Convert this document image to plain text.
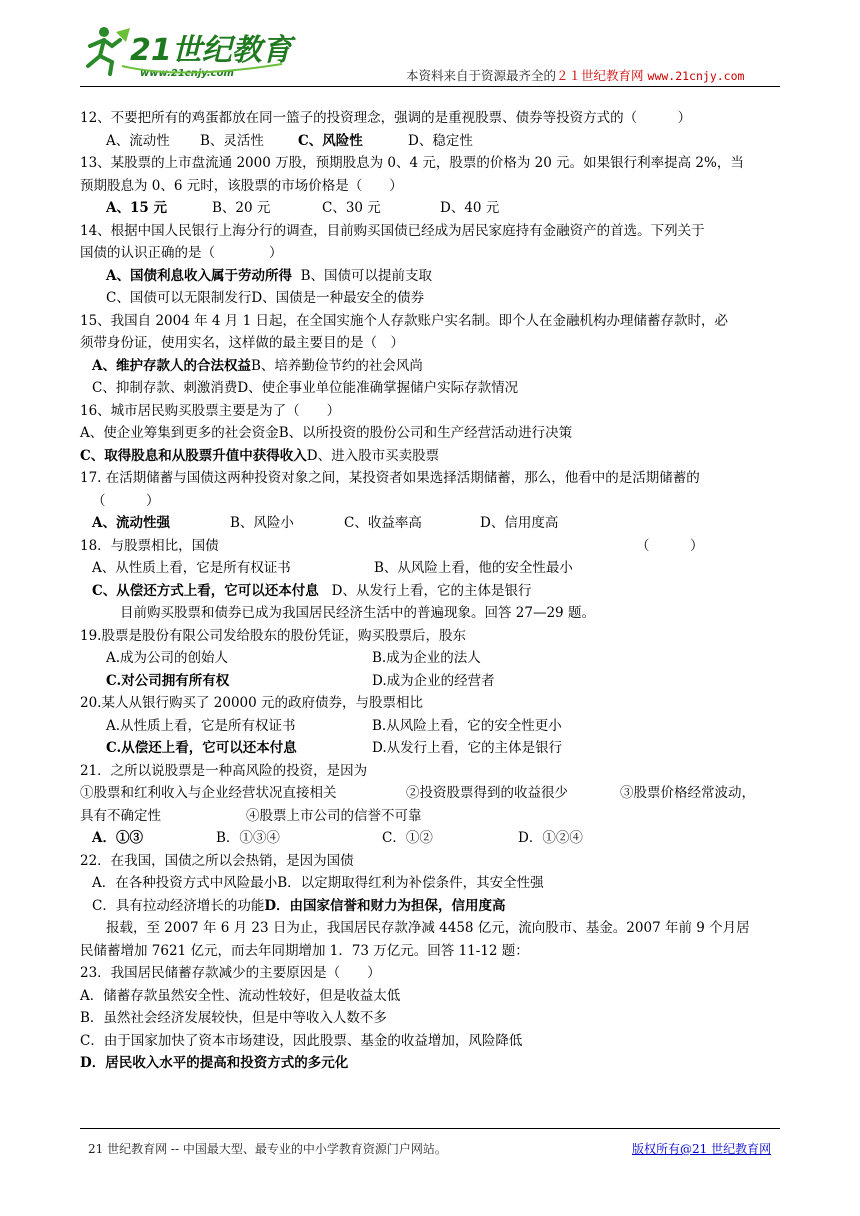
21世纪教育
www.21cnjy.com	本资料来自于资源最齐全的２１世纪教育网 www.21cnjy.com
12、不要把所有的鸡蛋都放在同一篮子的投资理念，强调的是重视股票、债券等投资方式的（　　　）
A、流动性 B、灵活性	C、风险性	D、稳定性
13、某股票的上市盘流通 2000 万股，预期股息为 0、4 元，股票的价格为 20 元。如果银行利率提高 2%，当
预期股息为 0、6 元时，该股票的市场价格是（　　）
A、15 元	B、20 元	C、30 元	D、40 元
14、根据中国人民银行上海分行的调查，目前购买国债已经成为居民家庭持有金融资产的首选。下列关于
国债的认识正确的是（　　　　）
A、国债利息收入属于劳动所得 B、国债可以提前支取
C、国债可以无限制发行D、国债是一种最安全的债券
15、我国自 2004 年 4 月 1 日起，在全国实施个人存款账户实名制。即个人在金融机构办理储蓄存款时，必
须带身份证，使用实名，这样做的最主要目的是（　）
A、维护存款人的合法权益B、培养勤俭节约的社会风尚
C、抑制存款、刺激消费D、使企事业单位能准确掌握储户实际存款情况
16、城市居民购买股票主要是为了（　　）
A、使企业筹集到更多的社会资金B、以所投资的股份公司和生产经营活动进行决策
C、取得股息和从股票升值中获得收入D、进入股市买卖股票
17. 在活期储蓄与国债这两种投资对象之间，某投资者如果选择活期储蓄，那么，他看中的是活期储蓄的
（　　　）
A、流动性强	B、风险小	C、收益率高	D、信用度高
18．与股票相比，国债	（　　　）
A、从性质上看，它是所有权证书	B、从风险上看，他的安全性最小
C、从偿还方式上看，它可以还本付息 D、从发行上看，它的主体是银行
目前购买股票和债券已成为我国居民经济生活中的普遍现象。回答 27—29 题。
19.股票是股份有限公司发给股东的股份凭证，购买股票后，股东
A.成为公司的创始人	B.成为企业的法人
C.对公司拥有所有权	D.成为企业的经营者
20.某人从银行购买了 20000 元的政府债券，与股票相比
A.从性质上看，它是所有权证书	B.从风险上看，它的安全性更小
C.从偿还上看，它可以还本付息	D.从发行上看，它的主体是银行
21．之所以说股票是一种高风险的投资，是因为
①股票和红利收入与企业经营状况直接相关	②投资股票得到的收益很少	③股票价格经常波动，
具有不确定性	④股票上市公司的信誉不可靠
A．①③	B．①③④	C．①②	D．①②④
22．在我国，国债之所以会热销，是因为国债
A．在各种投资方式中风险最小B．以定期取得红利为补偿条件，其安全性强
C．具有拉动经济增长的功能D．由国家信誉和财力为担保，信用度高
报载，至 2007 年 6 月 23 日为止，我国居民存款净减 4458 亿元，流向股市、基金。2007 年前 9 个月居
民储蓄增加 7621 亿元，而去年同期增加 1．73 万亿元。回答 11-12 题：
23．我国居民储蓄存款减少的主要原因是（　　）
A．储蓄存款虽然安全性、流动性较好，但是收益太低
B．虽然社会经济发展较快，但是中等收入人数不多
C．由于国家加快了资本市场建设，因此股票、基金的收益增加，风险降低
D．居民收入水平的提高和投资方式的多元化
21 世纪教育网 -- 中国最大型、最专业的中小学教育资源门户网站。	版权所有@21 世纪教育网
